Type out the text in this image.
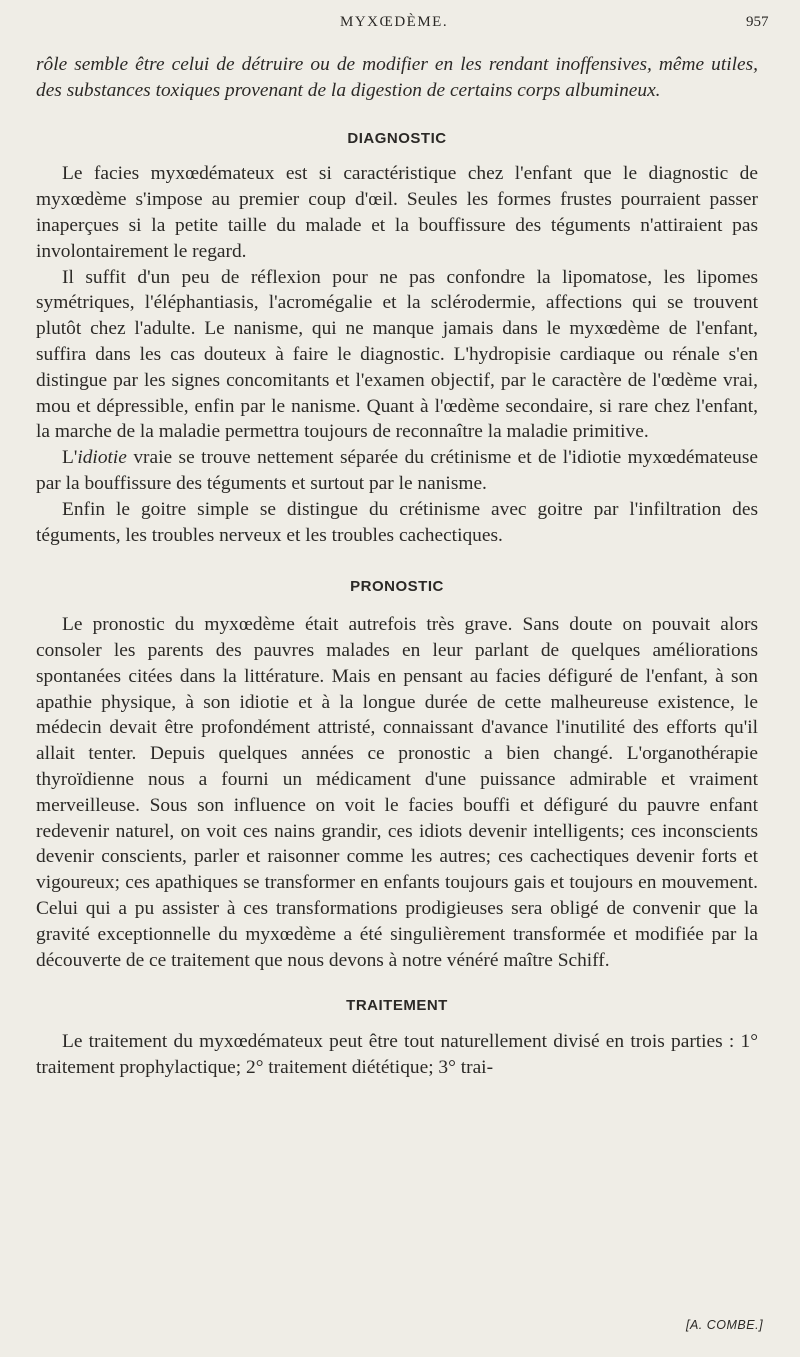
MYXŒDÈME.	957

rôle semble être celui de détruire ou de modifier en les rendant inoffensives, même utiles, des substances toxiques provenant de la digestion de certains corps albumineux.

DIAGNOSTIC

Le facies myxœdémateux est si caractéristique chez l'enfant que le diagnostic de myxœdème s'impose au premier coup d'œil. Seules les formes frustes pourraient passer inaperçues si la petite taille du malade et la bouffissure des téguments n'attiraient pas involontairement le regard.

Il suffit d'un peu de réflexion pour ne pas confondre la lipomatose, les lipomes symétriques, l'éléphantiasis, l'acromégalie et la sclérodermie, affections qui se trouvent plutôt chez l'adulte. Le nanisme, qui ne manque jamais dans le myxœdème de l'enfant, suffira dans les cas douteux à faire le diagnostic. L'hydropisie cardiaque ou rénale s'en distingue par les signes concomitants et l'examen objectif, par le caractère de l'œdème vrai, mou et dépressible, enfin par le nanisme. Quant à l'œdème secondaire, si rare chez l'enfant, la marche de la maladie permettra toujours de reconnaître la maladie primitive.

L'idiotie vraie se trouve nettement séparée du crétinisme et de l'idiotie myxœdémateuse par la bouffissure des téguments et surtout par le nanisme.

Enfin le goitre simple se distingue du crétinisme avec goitre par l'infiltration des téguments, les troubles nerveux et les troubles cachectiques.

PRONOSTIC

Le pronostic du myxœdème était autrefois très grave. Sans doute on pouvait alors consoler les parents des pauvres malades en leur parlant de quelques améliorations spontanées citées dans la littérature. Mais en pensant au facies défiguré de l'enfant, à son apathie physique, à son idiotie et à la longue durée de cette malheureuse existence, le médecin devait être profondément attristé, connaissant d'avance l'inutilité des efforts qu'il allait tenter. Depuis quelques années ce pronostic a bien changé. L'organothérapie thyroïdienne nous a fourni un médicament d'une puissance admirable et vraiment merveilleuse. Sous son influence on voit le facies bouffi et défiguré du pauvre enfant redevenir naturel, on voit ces nains grandir, ces idiots devenir intelligents; ces inconscients devenir conscients, parler et raisonner comme les autres; ces cachectiques devenir forts et vigoureux; ces apathiques se transformer en enfants toujours gais et toujours en mouvement. Celui qui a pu assister à ces transformations prodigieuses sera obligé de convenir que la gravité exceptionnelle du myxœdème a été singulièrement transformée et modifiée par la découverte de ce traitement que nous devons à notre vénéré maître Schiff.

TRAITEMENT

Le traitement du myxœdémateux peut être tout naturellement divisé en trois parties : 1° traitement prophylactique; 2° traitement diététique; 3° trai-

[A. COMBE.]
